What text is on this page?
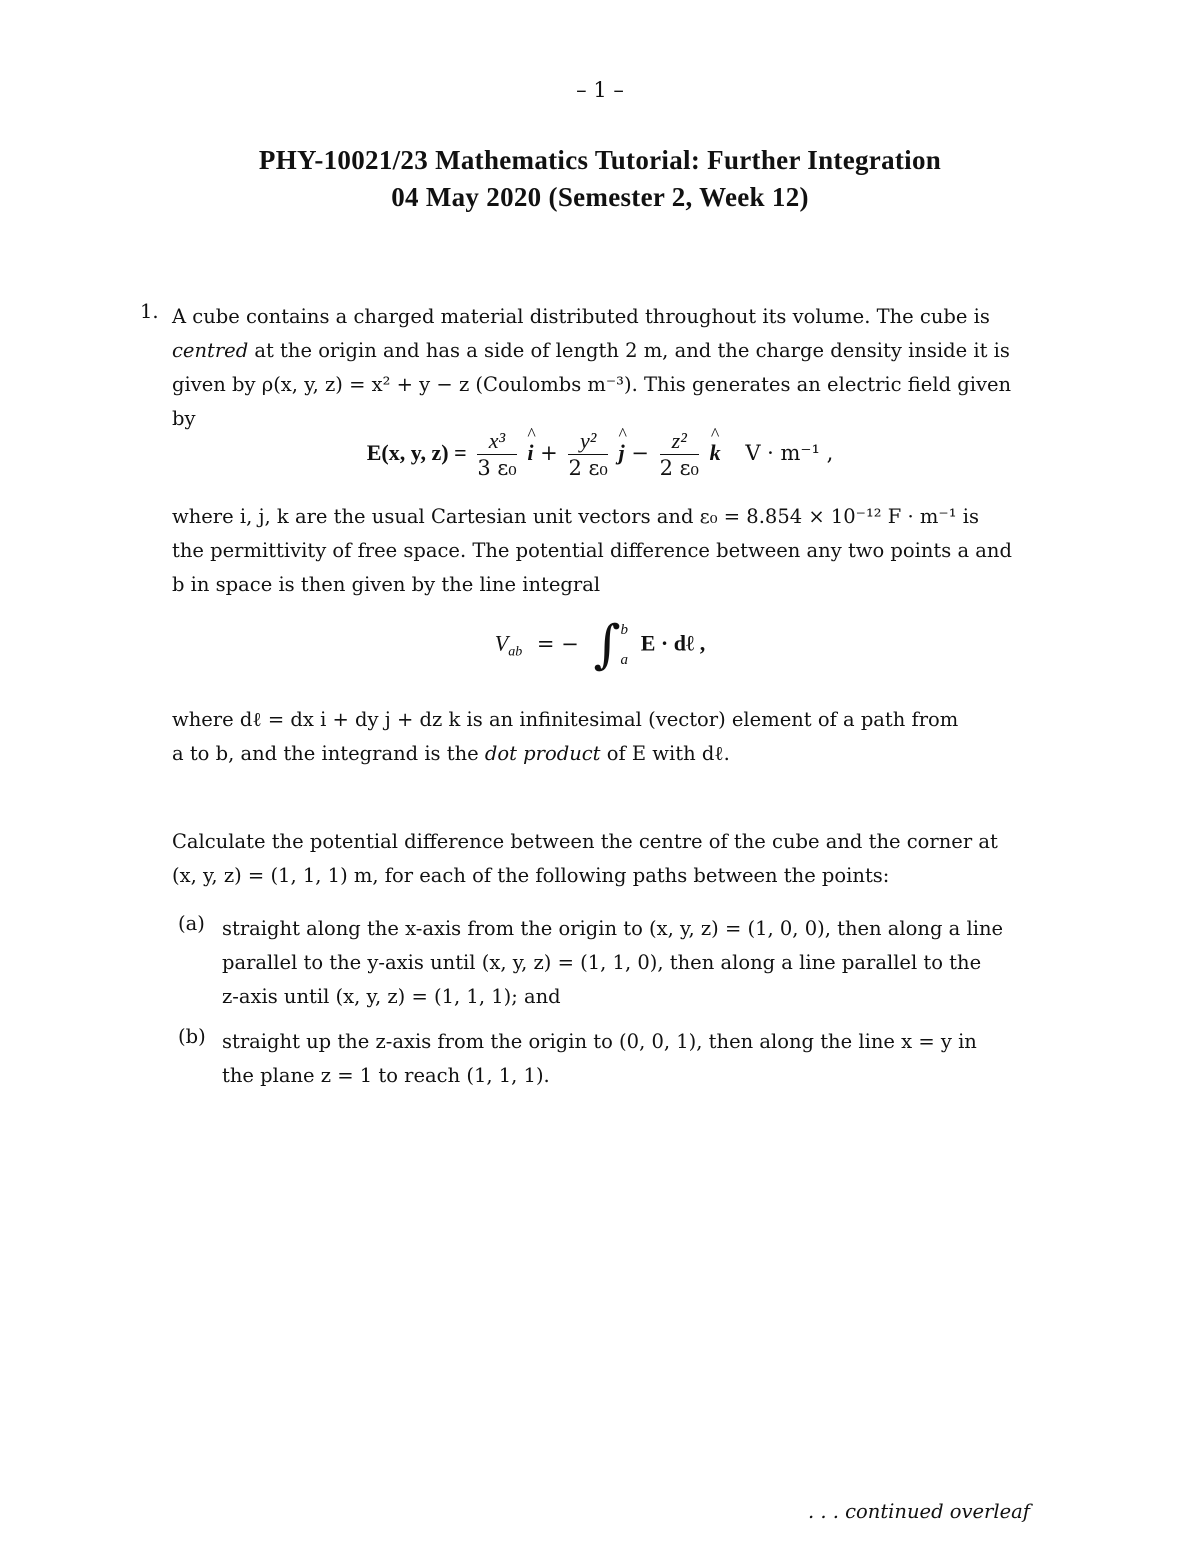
– 1 –
PHY-10021/23 Mathematics Tutorial: Further Integration
04 May 2020 (Semester 2, Week 12)
1. A cube contains a charged material distributed throughout its volume. The cube is
centred at the origin and has a side of length 2 m, and the charge density inside it is
given by ρ(x, y, z) = x² + y − z (Coulombs m⁻³). This generates an electric field given
by
E(x, y, $z) = \frac{\text{x³}}{\text{3 ε₀}}$ ^ $i + \frac{\text{y²}}{\text{2 ε₀}}$ ^ $j - \frac{\text{z²}}{\text{2 ε₀}}$ ^ k V · m⁻¹ ,
where i, j, k are the usual Cartesian unit vectors and ε₀ = 8.854 × 10⁻¹² F · m⁻¹ is
the permittivity of free space. The potential difference between any two points a and
b in space is then given by the line integral
$V_{ab}$ = − ∫ b
a
E · dℓ ,
where dℓ = dx i + dy j + dz k is an infinitesimal (vector) element of a path from
a to b, and the integrand is the dot product of E with dℓ.
Calculate the potential difference between the centre of the cube and the corner at
(x, y, z) = (1, 1, 1) m, for each of the following paths between the points:
(a) straight along the x-axis from the origin to (x, y, z) = (1, 0, 0), then along a line
parallel to the y-axis until (x, y, z) = (1, 1, 0), then along a line parallel to the
z-axis until (x, y, z) = (1, 1, 1); and
(b) straight up the z-axis from the origin to (0, 0, 1), then along the line x = y in
the plane z = 1 to reach (1, 1, 1).
. . . continued overleaf
